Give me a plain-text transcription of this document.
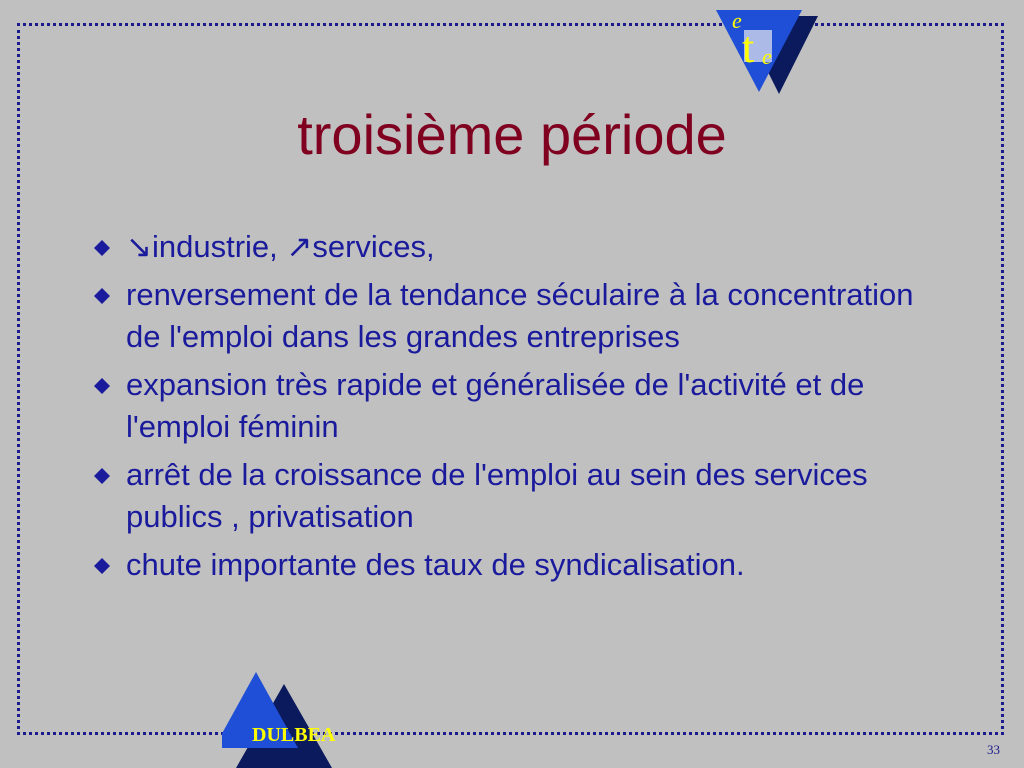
e
t e
troisième période
↘industrie, ↗services,
renversement de la tendance séculaire à la concentration de l'emploi dans les grandes entreprises
expansion très rapide et généralisée de l'activité et de l'emploi féminin
arrêt de la croissance de l'emploi au sein des services publics , privatisation
chute importante des taux de syndicalisation.
DULBEA
33
